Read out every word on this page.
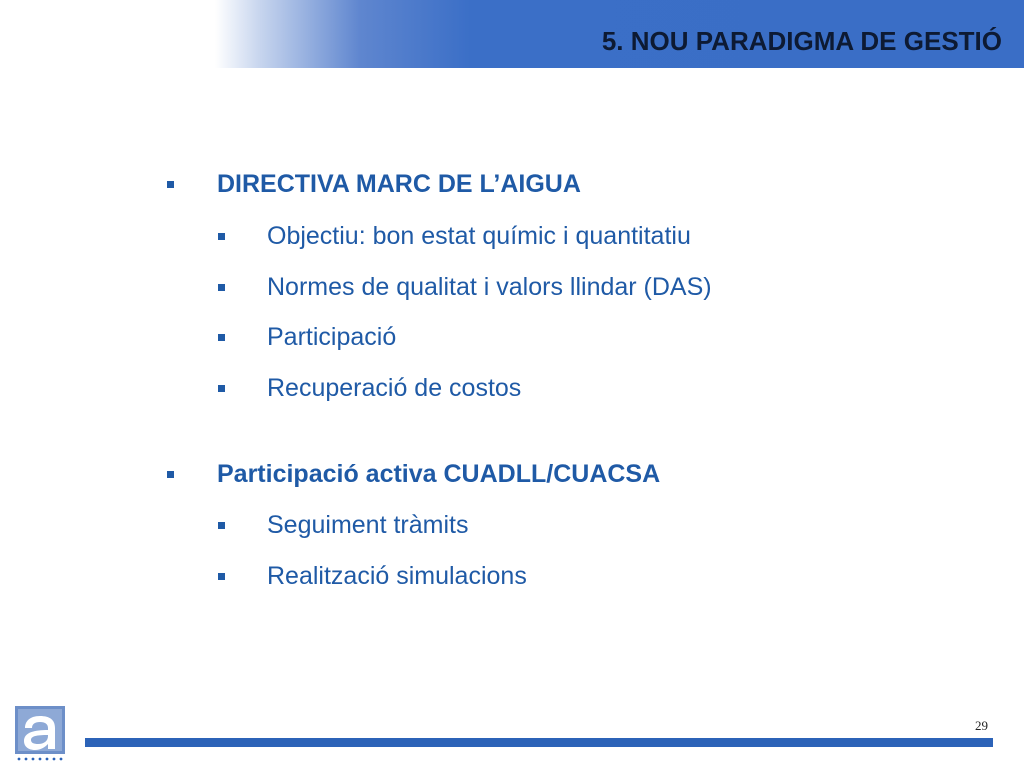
5. NOU PARADIGMA DE GESTIÓ
DIRECTIVA MARC DE L’AIGUA
Objectiu: bon estat químic i quantitatiu
Normes de qualitat i valors llindar (DAS)
Participació
Recuperació de costos
Participació activa CUADLL/CUACSA
Seguiment tràmits
Realització simulacions
29
